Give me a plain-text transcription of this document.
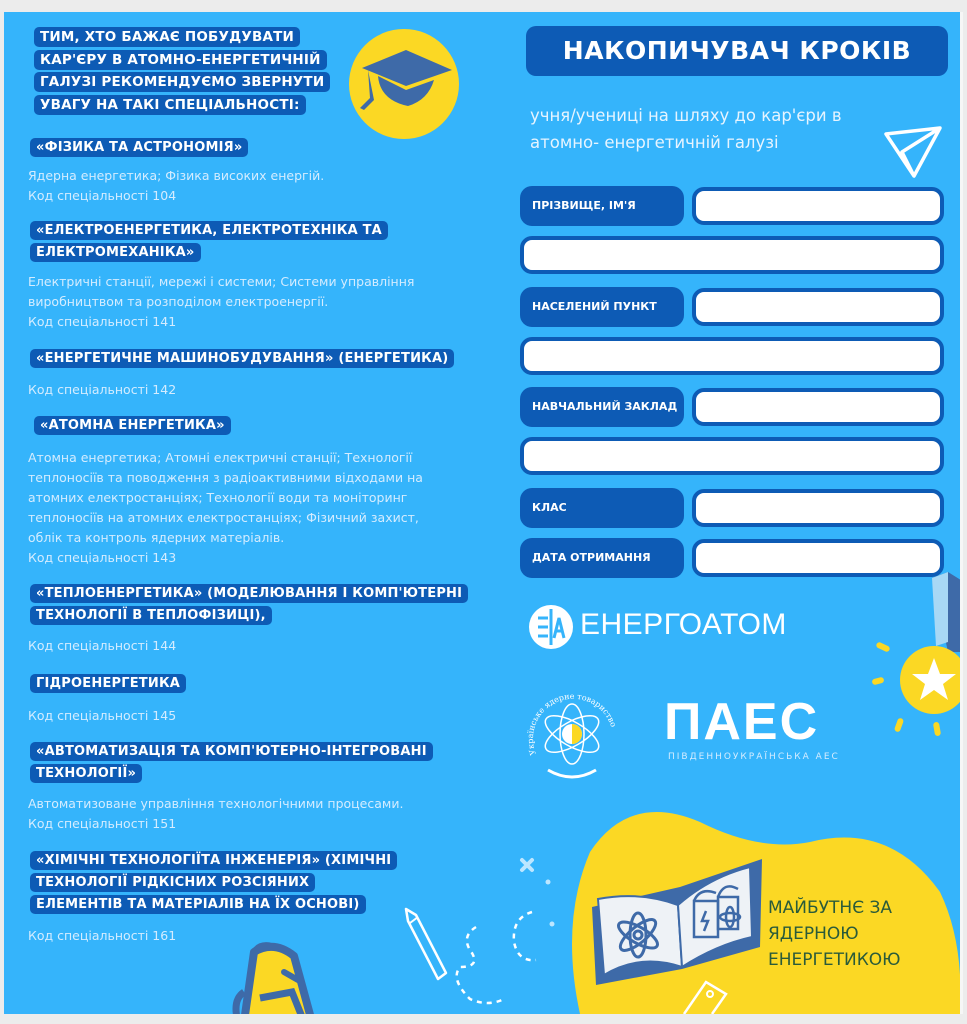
ТИМ, ХТО БАЖАЄ ПОБУДУВАТИ
КАР'ЄРУ В АТОМНО-ЕНЕРГЕТИЧНІЙ
ГАЛУЗІ РЕКОМЕНДУЄМО ЗВЕРНУТИ
УВАГУ НА ТАКІ СПЕЦІАЛЬНОСТІ:
«ФІЗИКА ТА АСТРОНОМІЯ»
Ядерна енергетика; Фізика високих енергій.
Код спеціальності 104
«ЕЛЕКТРОЕНЕРГЕТИКА, ЕЛЕКТРОТЕХНІКА ТА
ЕЛЕКТРОМЕХАНІКА»
Електричні станції, мережі і системи; Системи управління
виробництвом та розподілом електроенергії.
Код спеціальності 141
«ЕНЕРГЕТИЧНЕ МАШИНОБУДУВАННЯ» (ЕНЕРГЕТИКА)
Код спеціальності 142
«АТОМНА ЕНЕРГЕТИКА»
Атомна енергетика; Атомні електричні станції; Технології
теплоносіїв та поводження з радіоактивними відходами на
атомних електростанціях; Технології води та моніторинг
теплоносіїв на атомних електростанціях; Фізичний захист,
облік та контроль ядерних матеріалів.
Код спеціальності 143
«ТЕПЛОЕНЕРГЕТИКА» (МОДЕЛЮВАННЯ І КОМП'ЮТЕРНІ
ТЕХНОЛОГІЇ В ТЕПЛОФІЗИЦІ),
Код спеціальності 144
ГІДРОЕНЕРГЕТИКА
Код спеціальності 145
«АВТОМАТИЗАЦІЯ ТА КОМП'ЮТЕРНО-ІНТЕГРОВАНІ
ТЕХНОЛОГІЇ»
Автоматизоване управління технологічними процесами.
Код спеціальності 151
«ХІМІЧНІ ТЕХНОЛОГІЇТА ІНЖЕНЕРІЯ» (ХІМІЧНІ
ТЕХНОЛОГІЇ РІДКІСНИХ РОЗСІЯНИХ
ЕЛЕМЕНТІВ ТА МАТЕРІАЛІВ НА ЇХ ОСНОВІ)
Код спеціальності 161
НАКОПИЧУВАЧ КРОКІВ
учня/учениці на шляху до кар'єри в
атомно- енергетичній галузі
ПРІЗВИЩЕ, ІМ'Я
НАСЕЛЕНИЙ ПУНКТ
НАВЧАЛЬНИЙ ЗАКЛАД
КЛАС
ДАТА ОТРИМАННЯ
ЕНЕРГОАТОМ
Українське ядерне товариство ПАЕС
ПІВДЕННОУКРАЇНСЬКА АЕС
МАЙБУТНЄ ЗА
ЯДЕРНОЮ
ЕНЕРГЕТИКОЮ
